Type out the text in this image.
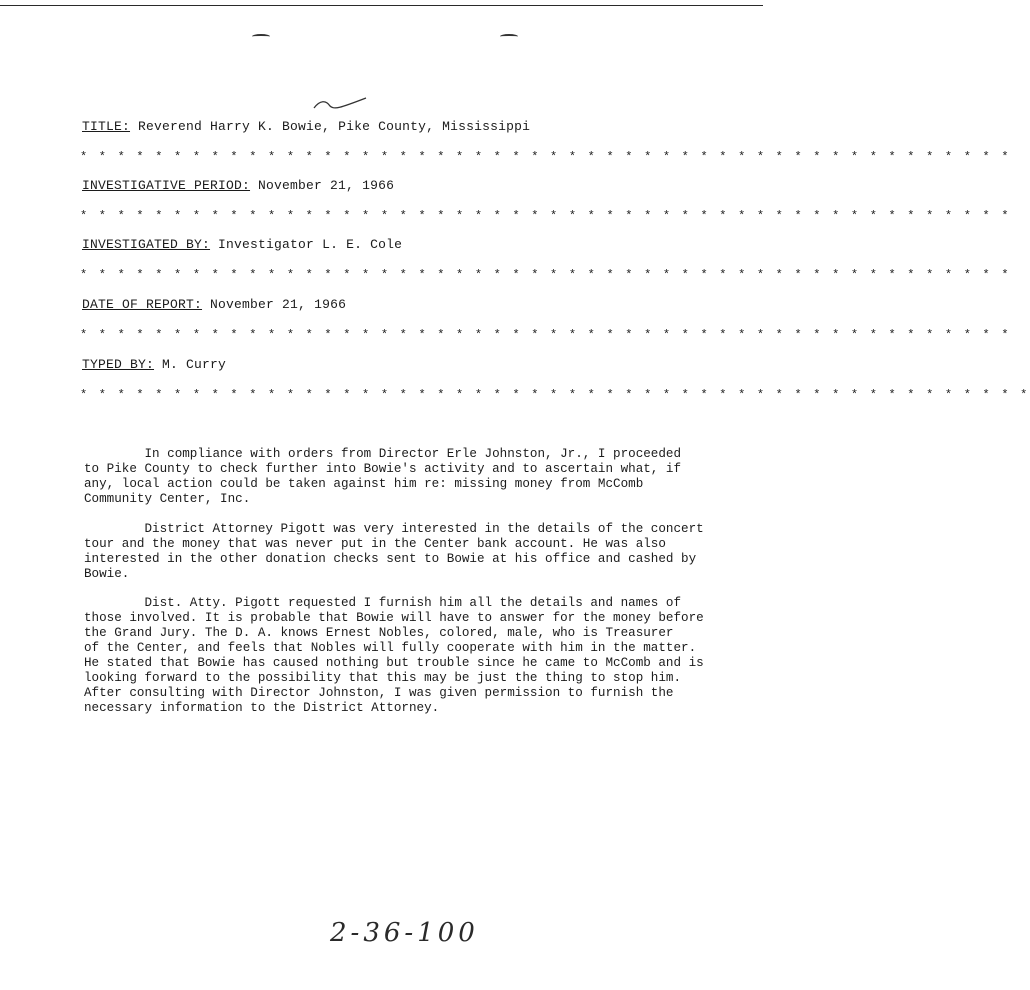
TITLE: Reverend Harry K. Bowie, Pike County, Mississippi
* * * * * * * * * * * * * * * * * * * * * * * * * * * * * * * * * * * * * * * * * * * * * * * * * *
INVESTIGATIVE PERIOD: November 21, 1966
* * * * * * * * * * * * * * * * * * * * * * * * * * * * * * * * * * * * * * * * * * * * * * * * * *
INVESTIGATED BY: Investigator L. E. Cole
* * * * * * * * * * * * * * * * * * * * * * * * * * * * * * * * * * * * * * * * * * * * * * * * * *
DATE OF REPORT: November 21, 1966
* * * * * * * * * * * * * * * * * * * * * * * * * * * * * * * * * * * * * * * * * * * * * * * * * *
TYPED BY: M. Curry
* * * * * * * * * * * * * * * * * * * * * * * * * * * * * * * * * * * * * * * * * * * * * * * * * * *
In compliance with orders from Director Erle Johnston, Jr., I proceeded
to Pike County to check further into Bowie's activity and to ascertain what, if
any, local action could be taken against him re: missing money from McComb
Community Center, Inc.
District Attorney Pigott was very interested in the details of the concert
tour and the money that was never put in the Center bank account. He was also
interested in the other donation checks sent to Bowie at his office and cashed by
Bowie.
Dist. Atty. Pigott requested I furnish him all the details and names of
those involved. It is probable that Bowie will have to answer for the money before
the Grand Jury. The D. A. knows Ernest Nobles, colored, male, who is Treasurer
of the Center, and feels that Nobles will fully cooperate with him in the matter.
He stated that Bowie has caused nothing but trouble since he came to McComb and is
looking forward to the possibility that this may be just the thing to stop him.
After consulting with Director Johnston, I was given permission to furnish the
necessary information to the District Attorney.
2-36-100
